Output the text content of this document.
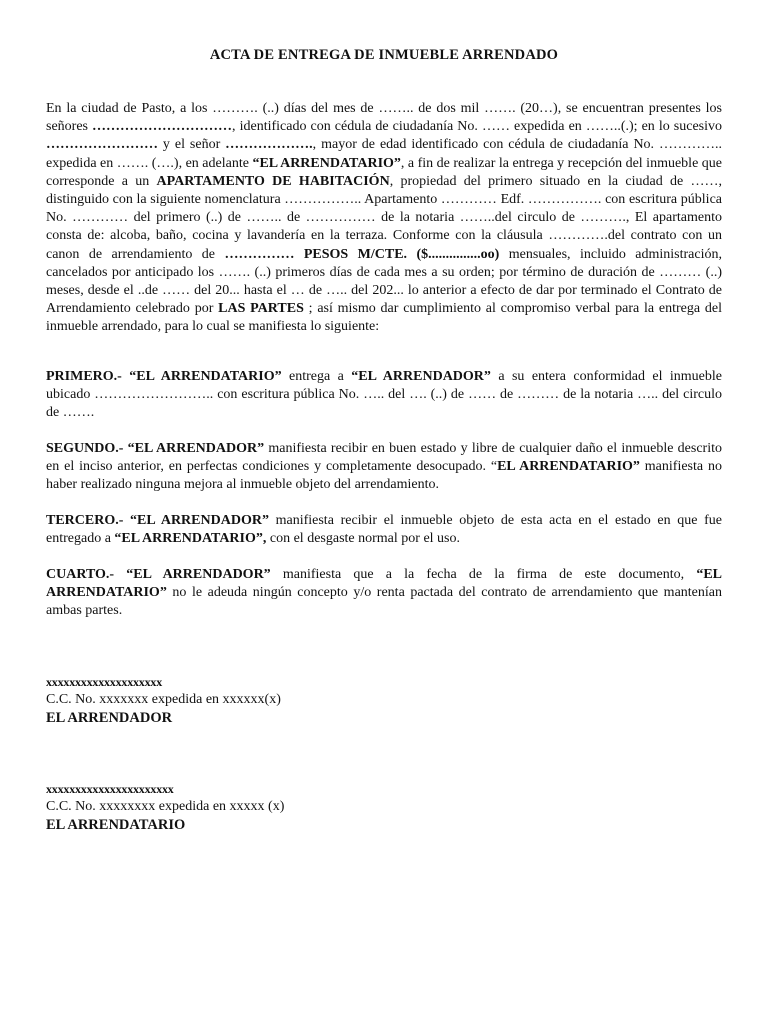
ACTA DE ENTREGA DE INMUEBLE ARRENDADO
En la ciudad de Pasto, a los ………. (..) días del mes de …….. de dos mil ……. (20…), se encuentran presentes los señores …………………………, identificado con cédula de ciudadanía No. …… expedida en ……..(.); en lo sucesivo …………………… y el señor ………………., mayor de edad identificado con cédula de ciudadanía No. ………….. expedida en ……. (….), en adelante “EL ARRENDATARIO”, a fin de realizar la entrega y recepción del inmueble que corresponde a un APARTAMENTO DE HABITACIÓN, propiedad del primero situado en la ciudad de ……, distinguido con la siguiente nomenclatura …………….. Apartamento ………… Edf. ……………. con escritura pública No. ………… del primero (..) de …….. de …………… de la notaria ……..del circulo de ………., El apartamento consta de: alcoba, baño, cocina y lavandería en la terraza. Conforme con la cláusula ………….del contrato con un canon de arrendamiento de …………… PESOS M/CTE. ($...............oo) mensuales, incluido administración, cancelados por anticipado los ……. (..) primeros días de cada mes a su orden; por término de duración de ……… (..) meses, desde el ..de …… del 20... hasta el … de ….. del 202... lo anterior a efecto de dar por terminado el Contrato de Arrendamiento celebrado por LAS PARTES ; así mismo dar cumplimiento al compromiso verbal para la entrega del inmueble arrendado, para lo cual se manifiesta lo siguiente:
PRIMERO.- “EL ARRENDATARIO” entrega a “EL ARRENDADOR” a su entera conformidad el inmueble ubicado …………………….. con escritura pública No. ….. del …. (..) de …… de ……… de la notaria ….. del circulo de …….
SEGUNDO.- “EL ARRENDADOR” manifiesta recibir en buen estado y libre de cualquier daño el inmueble descrito en el inciso anterior, en perfectas condiciones y completamente desocupado. “EL ARRENDATARIO” manifiesta no haber realizado ninguna mejora al inmueble objeto del arrendamiento.
TERCERO.- “EL ARRENDADOR” manifiesta recibir el inmueble objeto de esta acta en el estado en que fue entregado a “EL ARRENDATARIO”, con el desgaste normal por el uso.
CUARTO.- “EL ARRENDADOR” manifiesta que a la fecha de la firma de este documento, “EL ARRENDATARIO” no le adeuda ningún concepto y/o renta pactada del contrato de arrendamiento que mantenían ambas partes.
xxxxxxxxxxxxxxxxxxxx
C.C. No. xxxxxxx expedida en xxxxxx(x)
EL ARRENDADOR
xxxxxxxxxxxxxxxxxxxxxx
C.C. No. xxxxxxxx expedida en xxxxx (x)
EL ARRENDATARIO
